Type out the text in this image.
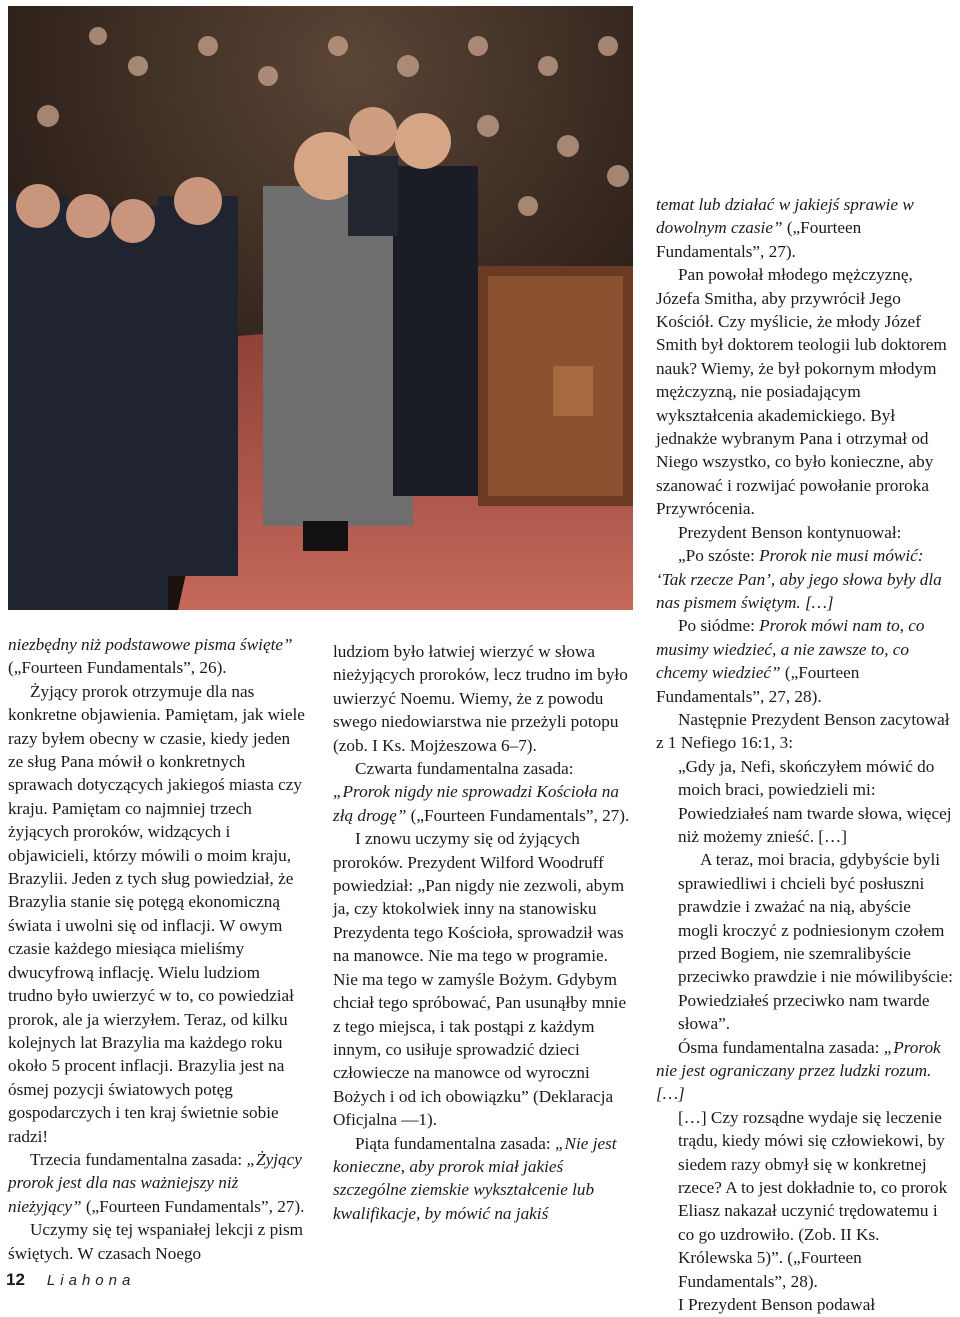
niezbędny niż podstawowe pisma święte” („Fourteen Fundamentals”, 26).

Żyjący prorok otrzymuje dla nas konkretne objawienia. Pamiętam, jak wiele razy byłem obecny w czasie, kiedy jeden ze sług Pana mówił o konkretnych sprawach dotyczących jakiegoś miasta czy kraju. Pamiętam co najmniej trzech żyjących proroków, widzących i objawicieli, którzy mówili o moim kraju, Brazylii. Jeden z tych sług powiedział, że Brazylia stanie się potęgą ekonomiczną świata i uwolni się od inflacji. W owym czasie każdego miesiąca mieliśmy dwucyfrową inflację. Wielu ludziom trudno było uwierzyć w to, co powiedział prorok, ale ja wierzyłem. Teraz, od kilku kolejnych lat Brazylia ma każdego roku około 5 procent inflacji. Brazylia jest na ósmej pozycji światowych potęg gospodarczych i ten kraj świetnie sobie radzi!

Trzecia fundamentalna zasada: „Żyjący prorok jest dla nas ważniejszy niż nieżyjący” („Fourteen Fundamentals”, 27).

Uczymy się tej wspaniałej lekcji z pism świętych. W czasach Noego

ludziom było łatwiej wierzyć w słowa nieżyjących proroków, lecz trudno im było uwierzyć Noemu. Wiemy, że z powodu swego niedowiarstwa nie przeżyli potopu (zob. I Ks. Mojżeszowa 6–7).

Czwarta fundamentalna zasada: „Prorok nigdy nie sprowadzi Kościoła na złą drogę” („Fourteen Fundamentals”, 27).

I znowu uczymy się od żyjących proroków. Prezydent Wilford Woodruff powiedział: „Pan nigdy nie zezwoli, abym ja, czy ktokolwiek inny na stanowisku Prezydenta tego Kościoła, sprowadził was na manowce. Nie ma tego w programie. Nie ma tego w zamyśle Bożym. Gdybym chciał tego spróbować, Pan usunąłby mnie z tego miejsca, i tak postąpi z każdym innym, co usiłuje sprowadzić dzieci człowiecze na manowce od wyroczni Bożych i od ich obowiązku” (Deklaracja Oficjalna —1).

Piąta fundamentalna zasada: „Nie jest konieczne, aby prorok miał jakieś szczególne ziemskie wykształcenie lub kwalifikacje, by mówić na jakiś

temat lub działać w jakiejś sprawie w dowolnym czasie” („Fourteen Fundamentals”, 27).

Pan powołał młodego mężczyznę, Józefa Smitha, aby przywrócił Jego Kościół. Czy myślicie, że młody Józef Smith był doktorem teologii lub doktorem nauk? Wiemy, że był pokornym młodym mężczyzną, nie posiadającym wykształcenia akademickiego. Był jednakże wybranym Pana i otrzymał od Niego wszystko, co było konieczne, aby szanować i rozwijać powołanie proroka Przywrócenia.

Prezydent Benson kontynuował:

„Po szóste: Prorok nie musi mówić: ‘Tak rzecze Pan’, aby jego słowa były dla nas pismem świętym. […]

Po siódme: Prorok mówi nam to, co musimy wiedzieć, a nie zawsze to, co chcemy wiedzieć” („Fourteen Fundamentals”, 27, 28).

Następnie Prezydent Benson zacytował z 1 Nefiego 16:1, 3:

„Gdy ja, Nefi, skończyłem mówić do moich braci, powiedzieli mi: Powiedziałeś nam twarde słowa, więcej niż możemy znieść. […]

A teraz, moi bracia, gdybyście byli sprawiedliwi i chcieli być posłuszni prawdzie i zważać na nią, abyście mogli kroczyć z podniesionym czołem przed Bogiem, nie szemralibyście przeciwko prawdzie i nie mówilibyście: Powiedziałeś przeciwko nam twarde słowa”.

Ósma fundamentalna zasada: „Prorok nie jest ograniczany przez ludzki rozum. […]

[…] Czy rozsądne wydaje się leczenie trądu, kiedy mówi się człowiekowi, by siedem razy obmył się w konkretnej rzece? A to jest dokładnie to, co prorok Eliasz nakazał uczynić trędowatemu i co go uzdrowiło. (Zob. II Ks. Królewska 5)”. („Fourteen Fundamentals”, 28).

I Prezydent Benson podawał

12 Liahona
